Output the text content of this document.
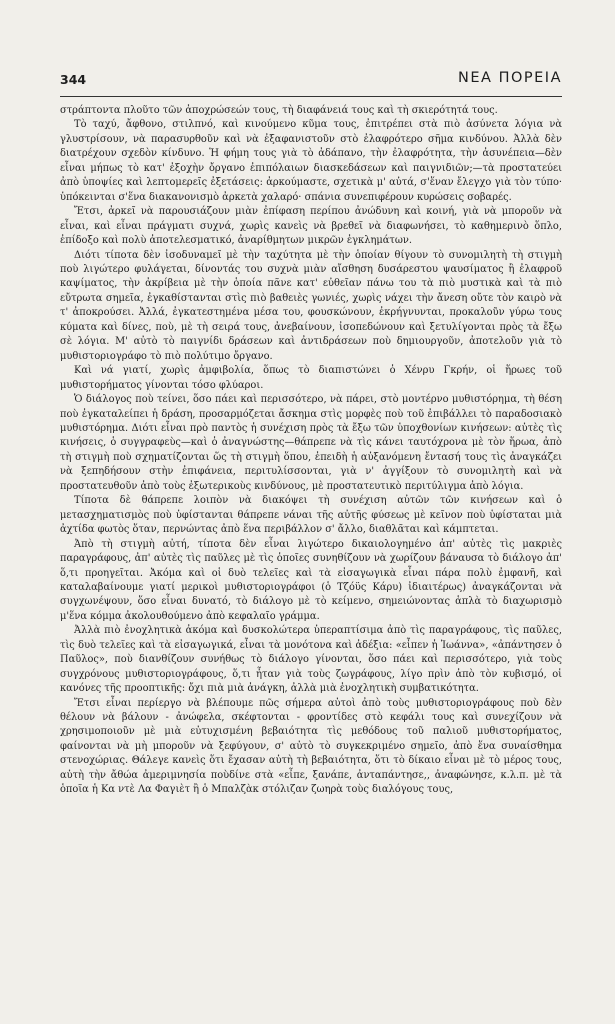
344	ΝΕΑ ΠΟΡΕΙΑ

στράπτοντα πλοῦτο τῶν ἀποχρώσεών τους, τὴ διαφάνειά τους καὶ τὴ σκιερότητά τους.

Τὸ ταχύ, ἄφθονο, στιλπνό, καὶ κινούμενο κῦμα τους, ἐπιτρέπει στὰ πιὸ ἀσύνετα λόγια νὰ γλυστρίσουν, νὰ παρασυρθοῦν καὶ νὰ ἐξαφανιστοῦν στὸ ἐλαφρότερο σῆμα κινδύνου. Ἀλλὰ δὲν διατρέχουν σχεδὸν κίνδυνο. Ἡ φήμη τους γιὰ τὸ ἀδάπανο, τὴν ἐλαφρότητα, τὴν ἀσυνέπεια—δὲν εἶναι μήπως τὸ κατ' ἐξοχὴν ὄργανο ἐπιπόλαιων διασκεδάσεων καὶ παιγνιδιῶν;—τὰ προστατεύει ἀπὸ ὑποψίες καὶ λεπτομερεῖς ἐξετάσεις: ἀρκούμαστε, σχετικὰ μ' αὐτά, σ'ἕναν ἔλεγχο γιὰ τὸν τύπο· ὑπόκεινται σ'ἕνα διακανονισμὸ ἀρκετὰ χαλαρό· σπάνια συνεπιφέρουν κυρώσεις σοβαρές.

Ἔτσι, ἀρκεῖ νὰ παρουσιάζουν μιὰν ἐπίφαση περίπου ἀνώδυνη καὶ κοινή, γιὰ νὰ μποροῦν νὰ εἶναι, καὶ εἶναι πράγματι συχνά, χωρὶς κανεὶς νὰ βρεθεῖ νὰ διαφωνήσει, τὸ καθημερινὸ ὅπλο, ἐπίδοξο καὶ πολὺ ἀποτελεσματικό, ἀναρίθμητων μικρῶν ἐγκλημάτων.

Διότι τίποτα δὲν ἰσοδυναμεῖ μὲ τὴν ταχύτητα μὲ τὴν ὁποίαν θίγουν τὸ συνομιλητὴ τὴ στιγμὴ ποὺ λιγώτερο φυλάγεται, δίνοντάς του συχνὰ μιὰν αἴσθηση δυσάρεστου ψαυσίματος ἢ ἐλαφροῦ καψίματος, τὴν ἀκρίβεια μὲ τὴν ὁποία πᾶνε κατ' εὐθεῖαν πάνω του τὰ πιὸ μυστικὰ καὶ τὰ πιὸ εὔτρωτα σημεῖα, ἐγκαθίστανται στὶς πιὸ βαθειὲς γωνιές, χωρὶς νάχει τὴν ἄνεση οὔτε τὸν καιρὸ νὰ τ' ἀποκρούσει. Ἀλλά, ἐγκατεστημένα μέσα του, φουσκώνουν, ἐκρήγνυνται, προκαλοῦν γύρω τους κύματα καὶ δίνες, ποὺ, μὲ τὴ σειρά τους, ἀνεβαίνουν, ἰσοπεδώνουν καὶ ξετυλίγονται πρὸς τὰ ἔξω σὲ λόγια. Μ' αὐτὸ τὸ παιγνίδι δράσεων καὶ ἀντιδράσεων ποὺ δημιουργοῦν, ἀποτελοῦν γιὰ τὸ μυθιστοριογράφο τὸ πιὸ πολύτιμο ὄργανο.

Καὶ νά γιατί, χωρὶς ἀμφιβολία, ὅπως τὸ διαπιστώνει ὁ Χένρυ Γκρήν, οἱ ἥρωες τοῦ μυθιστορήματος γίνονται τόσο φλύαροι.

Ὁ διάλογος ποὺ τείνει, ὅσο πάει καὶ περισσότερο, νὰ πάρει, στὸ μοντέρνο μυθιστόρημα, τὴ θέση ποὺ ἐγκαταλείπει ἡ δράση, προσαρμόζεται ἄσκημα στὶς μορφὲς ποὺ τοῦ ἐπιβάλλει τὸ παραδοσιακὸ μυθιστόρημα. Διότι εἶναι πρὸ παντὸς ἡ συνέχιση πρὸς τὰ ἔξω τῶν ὑποχθονίων κινήσεων: αὐτὲς τὶς κινήσεις, ὁ συγγραφεὺς—καὶ ὁ ἀναγνώστης—θάπρεπε νὰ τὶς κάνει ταυτόχρονα μὲ τὸν ἥρωα, ἀπὸ τὴ στιγμὴ ποὺ σχηματίζονται ὥς τὴ στιγμὴ ὅπου, ἐπειδὴ ἡ αὐξανόμενη ἔντασή τους τὶς ἀναγκάζει νὰ ξεπηδήσουν στὴν ἐπιφάνεια, περιτυλίσσονται, γιὰ ν' ἀγγίξουν τὸ συνομιλητὴ καὶ νὰ προστατευθοῦν ἀπὸ τοὺς ἐξωτερικοὺς κινδύνους, μὲ προστατευτικὸ περιτύλιγμα ἀπὸ λόγια.

Τίποτα δὲ θάπρεπε λοιπὸν νὰ διακόψει τὴ συνέχιση αὐτῶν τῶν κινήσεων καὶ ὁ μετασχηματισμὸς ποὺ ὑφίστανται θάπρεπε νάναι τῆς αὐτῆς φύσεως μὲ κεῖνον ποὺ ὑφίσταται μιὰ ἀχτίδα φωτὸς ὅταν, περνώντας ἀπὸ ἕνα περιβάλλον σ' ἄλλο, διαθλᾶται καὶ κάμπτεται.

Ἀπὸ τὴ στιγμὴ αὐτή, τίποτα δὲν εἶναι λιγώτερο δικαιολογημένο ἀπ' αὐτὲς τὶς μακριὲς παραγράφους, ἀπ' αὐτὲς τὶς παῦλες μὲ τὶς ὁποῖες συνηθίζουν νὰ χωρίζουν βάναυσα τὸ διάλογο ἀπ' ὅ,τι προηγεῖται. Ἀκόμα καὶ οἱ δυὸ τελεῖες καὶ τὰ εἰσαγωγικὰ εἶναι πάρα πολὺ ἐμφανῆ, καὶ καταλαβαίνουμε γιατί μερικοὶ μυθιστοριογράφοι (ὁ Τζόϋς Κάρυ) ἰδιαιτέρως) ἀναγκάζονται νὰ συγχωνέψουν, ὅσο εἶναι δυνατό, τὸ διάλογο μὲ τὸ κείμενο, σημειώνοντας ἁπλὰ τὸ διαχωρισμὸ μ'ἕνα κόμμα ἀκολουθούμενο ἀπὸ κεφαλαῖο γράμμα.

Ἀλλὰ πιὸ ἐνοχλητικὰ ἀκόμα καὶ δυσκολώτερα ὑπεραπτίσιμα ἀπὸ τὶς παραγράφους, τὶς παῦλες, τὶς δυὸ τελεῖες καὶ τὰ εἰσαγωγικά, εἶναι τὰ μονότονα καὶ ἀδέξια: «εἶπεν ἡ Ἰωάννα», «ἀπάντησεν ὁ Παῦλος», ποὺ διανθίζουν συνήθως τὸ διάλογο γίνονται, ὅσο πάει καὶ περισσότερο, γιὰ τοὺς συγχρόνους μυθιστοριογράφους, ὅ,τι ἦταν γιὰ τοὺς ζωγράφους, λίγο πρὶν ἀπὸ τὸν κυβισμό, οἱ κανόνες τῆς προοπτικῆς: ὄχι πιὰ μιὰ ἀνάγκη, ἀλλὰ μιὰ ἐνοχλητικὴ συμβατικότητα.

Ἔτσι εἶναι περίεργο νὰ βλέπουμε πῶς σήμερα αὐτοὶ ἀπὸ τοὺς μυθιστοριογράφους ποὺ δὲν θέλουν νὰ βάλουν - ἀνώφελα, σκέφτονται - φροντίδες στὸ κεφάλι τους καὶ συνεχίζουν νὰ χρησιμοποιοῦν μὲ μιὰ εὐτυχισμένη βεβαιότητα τὶς μεθόδους τοῦ παλιοῦ μυθιστορήματος, φαίνονται νὰ μὴ μποροῦν νὰ ξεφύγουν, σ' αὐτὸ τὸ συγκεκριμένο σημεῖο, ἀπὸ ἕνα συναίσθημα στενοχώριας. Θάλεγε κανεὶς ὅτι ἔχασαν αὐτὴ τὴ βεβαιότητα, ὅτι τὸ δίκαιο εἶναι μὲ τὸ μέρος τους, αὐτὴ τὴν ἄθώα ἀμεριμνησία ποὺδίνε στὰ «εἶπε, ξανάπε, ἀνταπάντησε,, ἀναφώνησε, κ.λ.π. μὲ τὰ ὁποῖα ἡ Κα ντὲ Λα Φαγιὲτ ἢ ὁ Μπαλζὰκ στόλιζαν ζωηρὰ τοὺς διαλόγους τους,
